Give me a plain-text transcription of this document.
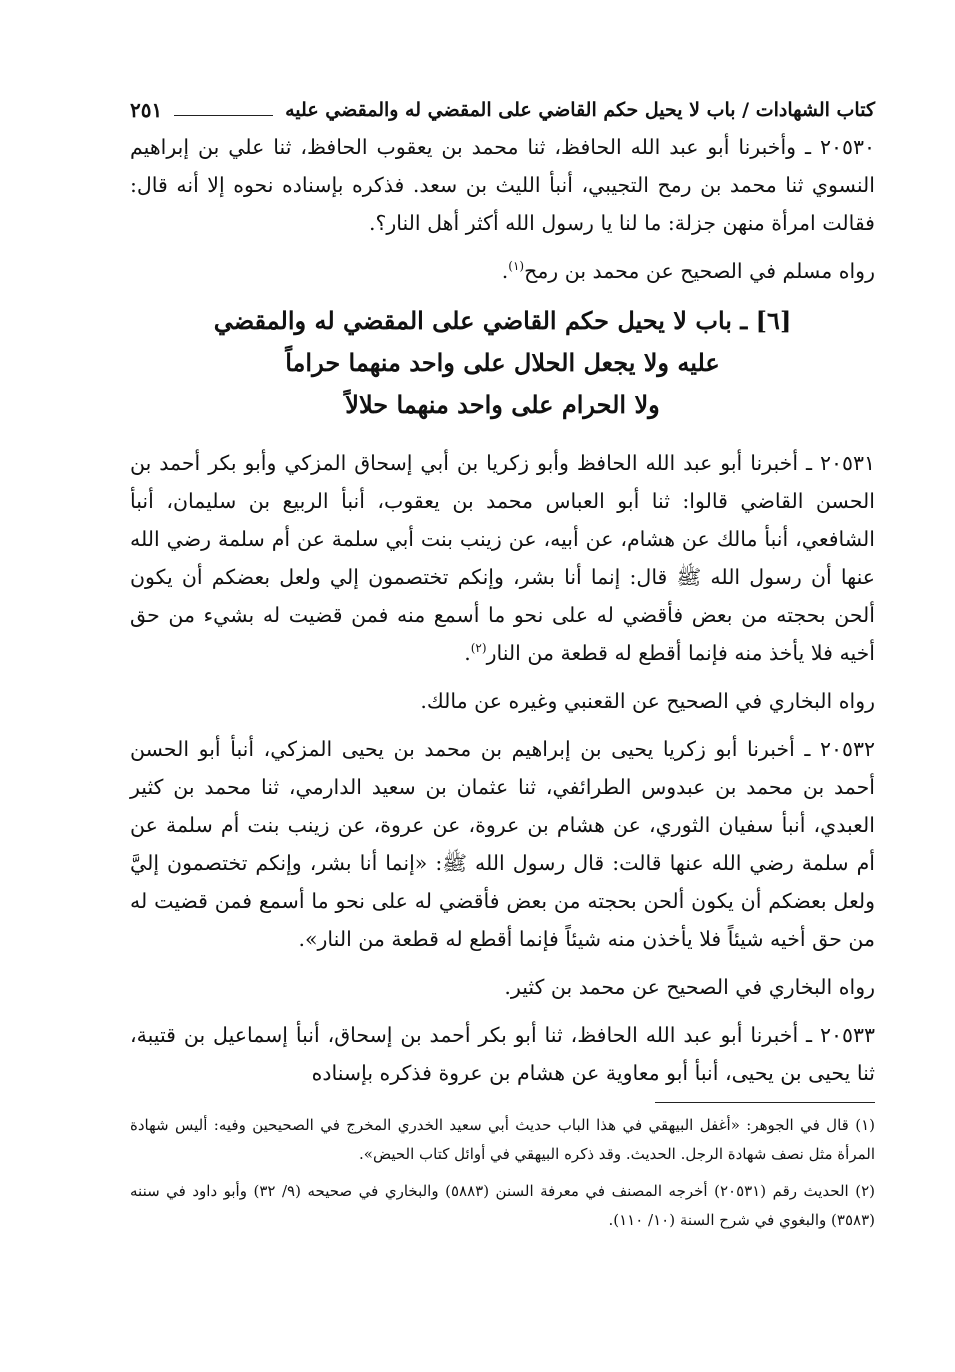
كتاب الشهادات / باب لا يحيل حكم القاضي على المقضي له والمقضي عليه
٢٥١

٢٠٥٣٠ ـ وأخبرنا أبو عبد الله الحافظ، ثنا محمد بن يعقوب الحافظ، ثنا علي بن إبراهيم النسوي ثنا محمد بن رمح التجيبي، أنبأ الليث بن سعد. فذكره بإسناده نحوه إلا أنه قال: فقالت امرأة منهن جزلة: ما لنا يا رسول الله أكثر أهل النار؟.

رواه مسلم في الصحيح عن محمد بن رمح$^{(١)}$.

[٦] ـ باب لا يحيل حكم القاضي على المقضي له والمقضي
عليه ولا يجعل الحلال على واحد منهما حراماً
ولا الحرام على واحد منهما حلالاً

٢٠٥٣١ ـ أخبرنا أبو عبد الله الحافظ وأبو زكريا بن أبي إسحاق المزكي وأبو بكر أحمد بن الحسن القاضي قالوا: ثنا أبو العباس محمد بن يعقوب، أنبأ الربيع بن سليمان، أنبأ الشافعي، أنبأ مالك عن هشام، عن أبيه، عن زينب بنت أبي سلمة عن أم سلمة رضي الله عنها أن رسول الله ﷺ قال: إنما أنا بشر، وإنكم تختصمون إلي ولعل بعضكم أن يكون ألحن بحجته من بعض فأقضي له على نحو ما أسمع منه فمن قضيت له بشيء من حق أخيه فلا يأخذ منه فإنما أقطع له قطعة من النار$^{(٢)}$.

رواه البخاري في الصحيح عن القعنبي وغيره عن مالك.

٢٠٥٣٢ ـ أخبرنا أبو زكريا يحيى بن إبراهيم بن محمد بن يحيى المزكي، أنبأ أبو الحسن أحمد بن محمد بن عبدوس الطرائفي، ثنا عثمان بن سعيد الدارمي، ثنا محمد بن كثير العبدي، أنبأ سفيان الثوري، عن هشام بن عروة، عن عروة، عن زينب بنت أم سلمة عن أم سلمة رضي الله عنها قالت: قال رسول الله ﷺ: «إنما أنا بشر، وإنكم تختصمون إليَّ ولعل بعضكم أن يكون ألحن بحجته من بعض فأقضي له على نحو ما أسمع فمن قضيت له من حق أخيه شيئاً فلا يأخذن منه شيئاً فإنما أقطع له قطعة من النار».

رواه البخاري في الصحيح عن محمد بن كثير.

٢٠٥٣٣ ـ أخبرنا أبو عبد الله الحافظ، ثنا أبو بكر أحمد بن إسحاق، أنبأ إسماعيل بن قتيبة، ثنا يحيى بن يحيى، أنبأ أبو معاوية عن هشام بن عروة فذكره بإسناده

(١) قال في الجوهر: «أغفل البيهقي في هذا الباب حديث أبي سعيد الخدري المخرج في الصحيحين وفيه: أليس شهادة المرأة مثل نصف شهادة الرجل. الحديث. وقد ذكره البيهقي في أوائل كتاب الحيض».

(٢) الحديث رقم (٢٠٥٣١) أخرجه المصنف في معرفة السنن (٥٨٨٣) والبخاري في صحيحه (٩/ ٣٢) وأبو داود في سننه (٣٥٨٣) والبغوي في شرح السنة (١٠/ ١١٠).
